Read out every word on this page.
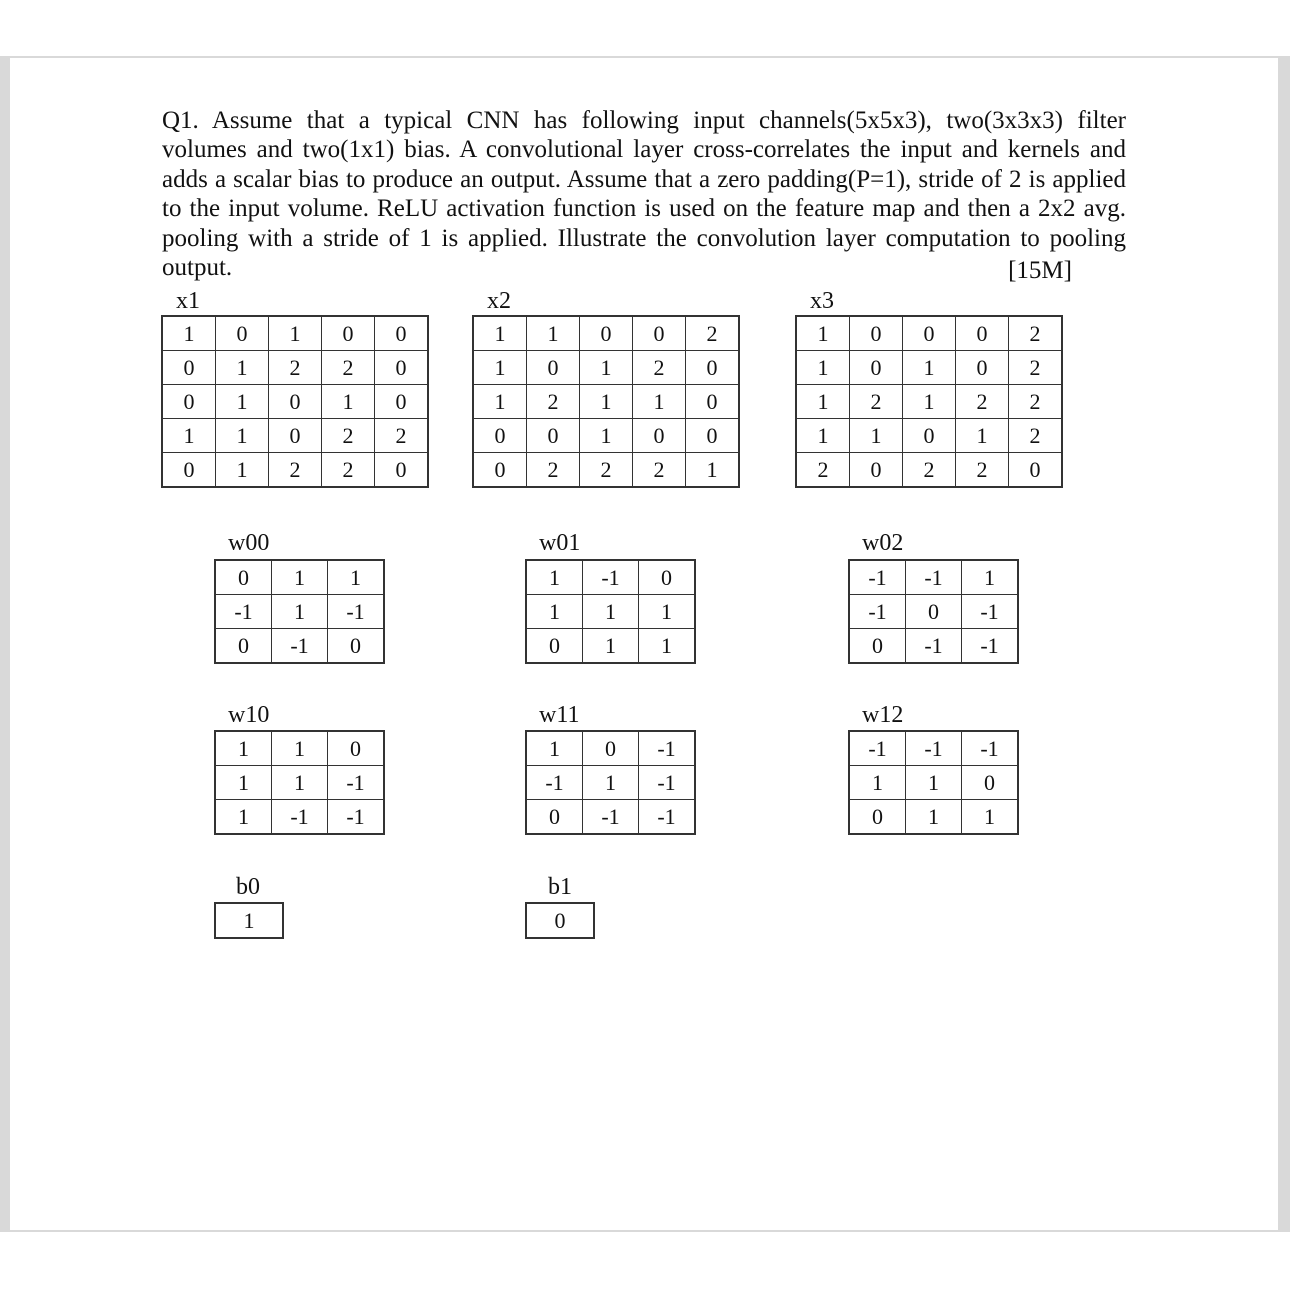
Q1. Assume that a typical CNN has following input channels(5x5x3), two(3x3x3) filter volumes and two(1x1) bias. A convolutional layer cross-correlates the input and kernels and adds a scalar bias to produce an output. Assume that a zero padding(P=1), stride of 2 is applied to the input volume. ReLU activation function is used on the feature map and then a 2x2 avg. pooling with a stride of 1 is applied. Illustrate the convolution layer computation to pooling output.	[15M]
x1
1	0	1	0	0
0	1	2	2	0
0	1	0	1	0
1	1	0	2	2
0	1	2	2	0
x2
1	1	0	0	2
1	0	1	2	0
1	2	1	1	0
0	0	1	0	0
0	2	2	2	1
x3
1	0	0	0	2
1	0	1	0	2
1	2	1	2	2
1	1	0	1	2
2	0	2	2	0
w00
0	1	1
-1	1	-1
0	-1	0
w01
1	-1	0
1	1	1
0	1	1
w02
-1	-1	1
-1	0	-1
0	-1	-1
w10
1	1	0
1	1	-1
1	-1	-1
w11
1	0	-1
-1	1	-1
0	-1	-1
w12
-1	-1	-1
1	1	0
0	1	1
b0
1
b1
0
